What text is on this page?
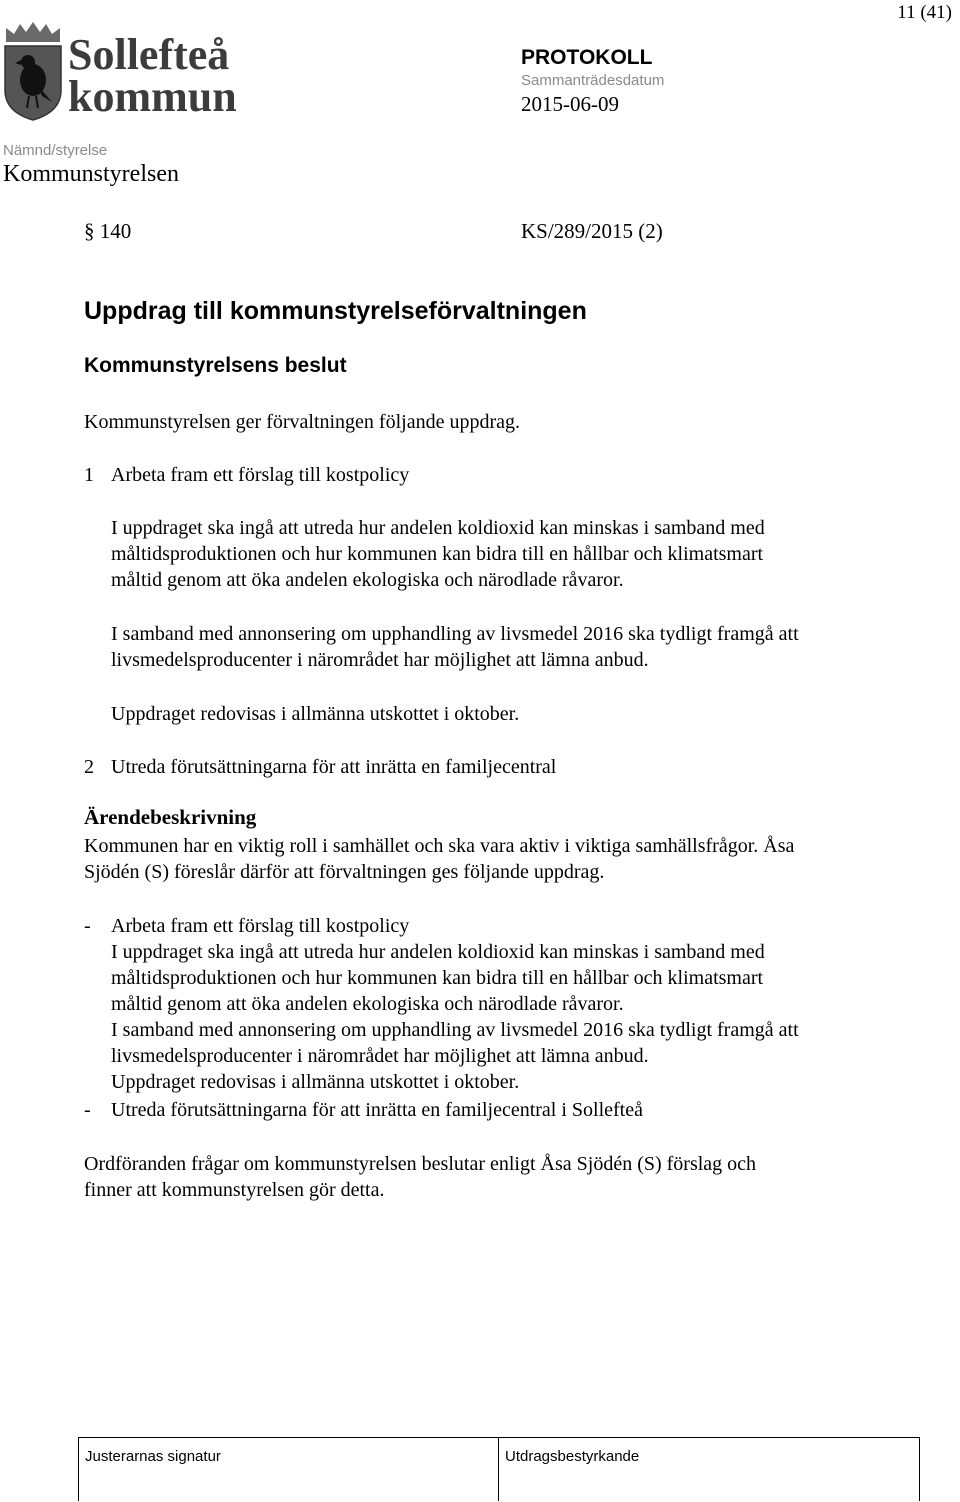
11 (41)
Sollefteå
kommun
PROTOKOLL
Sammanträdesdatum
2015-06-09
Nämnd/styrelse
Kommunstyrelsen
§ 140	KS/289/2015 (2)
Uppdrag till kommunstyrelseförvaltningen
Kommunstyrelsens beslut
Kommunstyrelsen ger förvaltningen följande uppdrag.
1 Arbeta fram ett förslag till kostpolicy
I uppdraget ska ingå att utreda hur andelen koldioxid kan minskas i samband med
måltidsproduktionen och hur kommunen kan bidra till en hållbar och klimatsmart
måltid genom att öka andelen ekologiska och närodlade råvaror.
I samband med annonsering om upphandling av livsmedel 2016 ska tydligt framgå att
livsmedelsproducenter i närområdet har möjlighet att lämna anbud.
Uppdraget redovisas i allmänna utskottet i oktober.
2 Utreda förutsättningarna för att inrätta en familjecentral
Ärendebeskrivning
Kommunen har en viktig roll i samhället och ska vara aktiv i viktiga samhällsfrågor. Åsa
Sjödén (S) föreslår därför att förvaltningen ges följande uppdrag.
- Arbeta fram ett förslag till kostpolicy
I uppdraget ska ingå att utreda hur andelen koldioxid kan minskas i samband med
måltidsproduktionen och hur kommunen kan bidra till en hållbar och klimatsmart
måltid genom att öka andelen ekologiska och närodlade råvaror.
I samband med annonsering om upphandling av livsmedel 2016 ska tydligt framgå att
livsmedelsproducenter i närområdet har möjlighet att lämna anbud.
Uppdraget redovisas i allmänna utskottet i oktober.
- Utreda förutsättningarna för att inrätta en familjecentral i Sollefteå
Ordföranden frågar om kommunstyrelsen beslutar enligt Åsa Sjödén (S) förslag och
finner att kommunstyrelsen gör detta.
Justerarnas signatur	Utdragsbestyrkande
